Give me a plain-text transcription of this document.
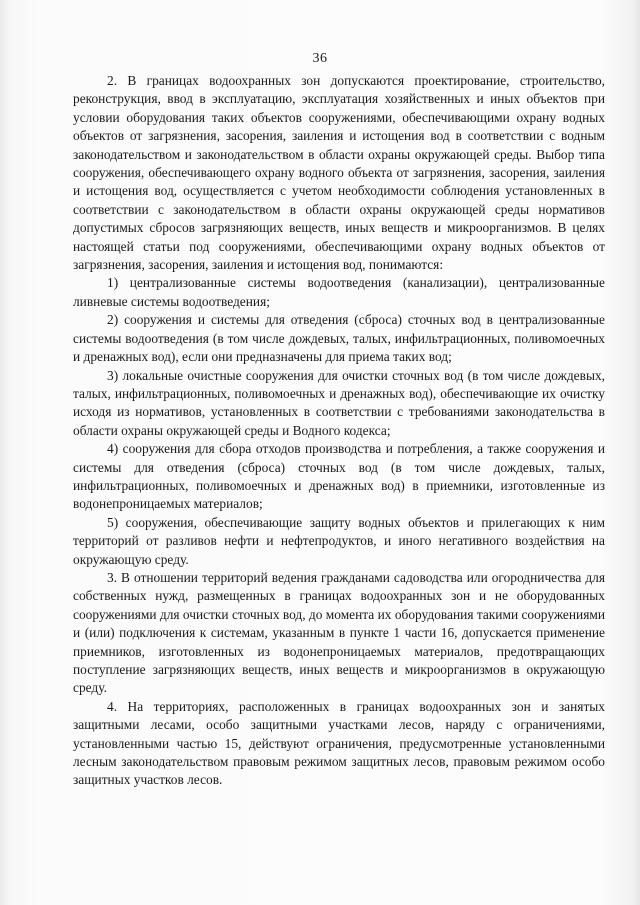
36

2. В границах водоохранных зон допускаются проектирование, строительство, реконструкция, ввод в эксплуатацию, эксплуатация хозяйственных и иных объектов при условии оборудования таких объектов сооружениями, обеспечивающими охрану водных объектов от загрязнения, засорения, заиления и истощения вод в соответствии с водным законодательством и законодательством в области охраны окружающей среды. Выбор типа сооружения, обеспечивающего охрану водного объекта от загрязнения, засорения, заиления и истощения вод, осуществляется с учетом необходимости соблюдения установленных в соответствии с законодательством в области охраны окружающей среды нормативов допустимых сбросов загрязняющих веществ, иных веществ и микроорганизмов. В целях настоящей статьи под сооружениями, обеспечивающими охрану водных объектов от загрязнения, засорения, заиления и истощения вод, понимаются:

1) централизованные системы водоотведения (канализации), централизованные ливневые системы водоотведения;

2) сооружения и системы для отведения (сброса) сточных вод в централизованные системы водоотведения (в том числе дождевых, талых, инфильтрационных, поливомоечных и дренажных вод), если они предназначены для приема таких вод;

3) локальные очистные сооружения для очистки сточных вод (в том числе дождевых, талых, инфильтрационных, поливомоечных и дренажных вод), обеспечивающие их очистку исходя из нормативов, установленных в соответствии с требованиями законодательства в области охраны окружающей среды и Водного кодекса;

4) сооружения для сбора отходов производства и потребления, а также сооружения и системы для отведения (сброса) сточных вод (в том числе дождевых, талых, инфильтрационных, поливомоечных и дренажных вод) в приемники, изготовленные из водонепроницаемых материалов;

5) сооружения, обеспечивающие защиту водных объектов и прилегающих к ним территорий от разливов нефти и нефтепродуктов, и иного негативного воздействия на окружающую среду.

3. В отношении территорий ведения гражданами садоводства или огородничества для собственных нужд, размещенных в границах водоохранных зон и не оборудованных сооружениями для очистки сточных вод, до момента их оборудования такими сооружениями и (или) подключения к системам, указанным в пункте 1 части 16, допускается применение приемников, изготовленных из водонепроницаемых материалов, предотвращающих поступление загрязняющих веществ, иных веществ и микроорганизмов в окружающую среду.

4. На территориях, расположенных в границах водоохранных зон и занятых защитными лесами, особо защитными участками лесов, наряду с ограничениями, установленными частью 15, действуют ограничения, предусмотренные установленными лесным законодательством правовым режимом защитных лесов, правовым режимом особо защитных участков лесов.
